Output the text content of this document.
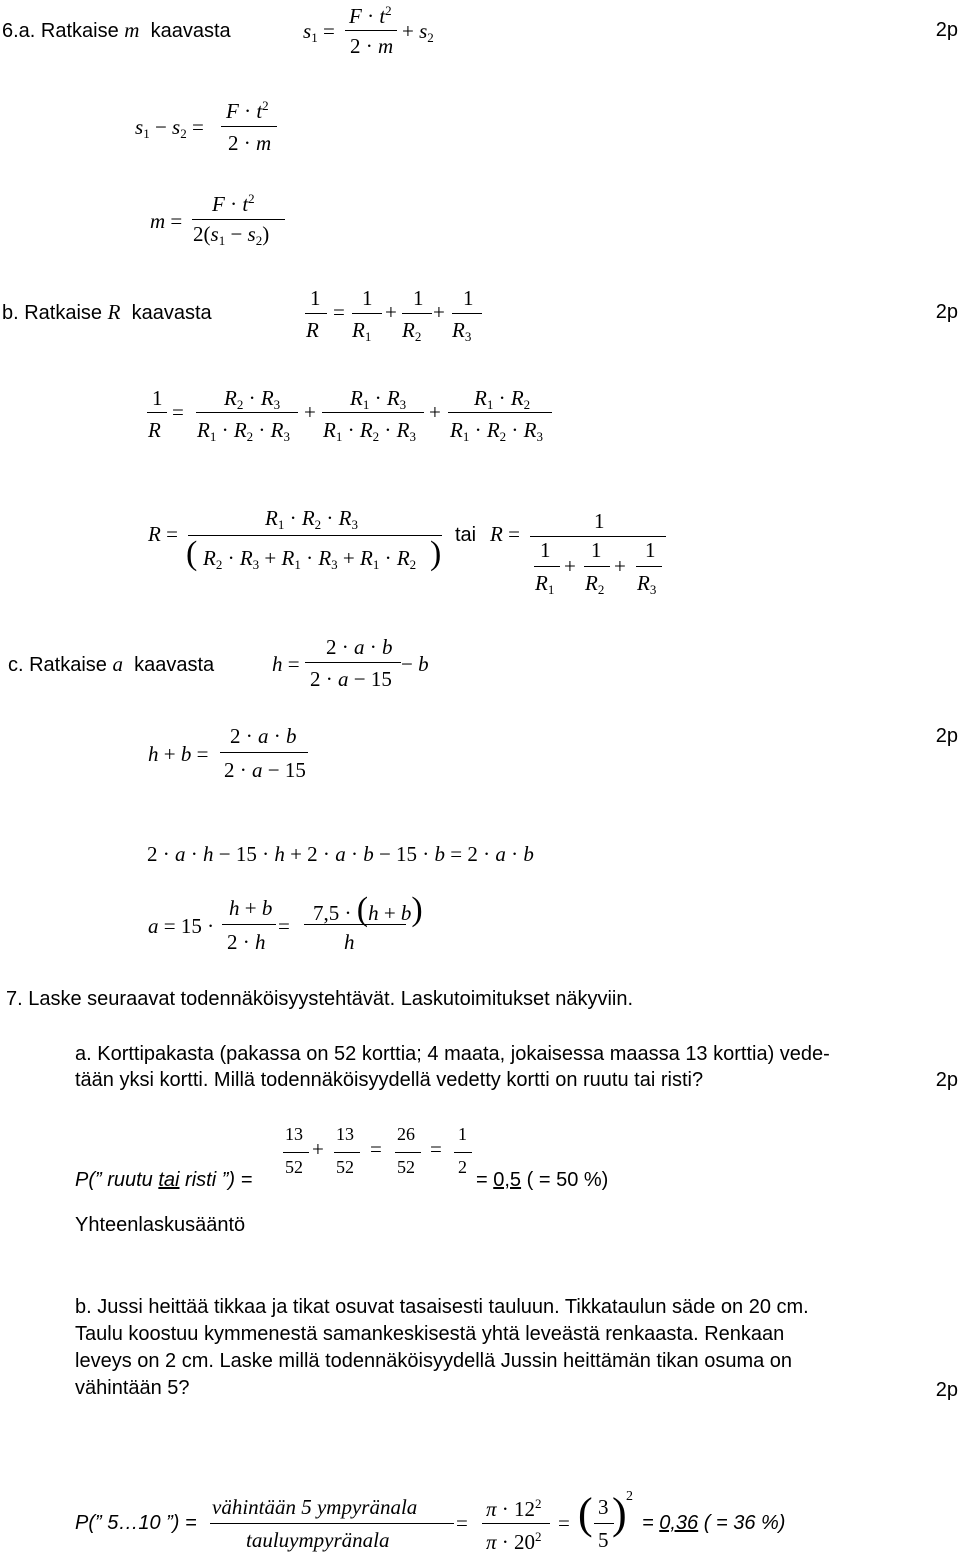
6.a. Ratkaise m kaavasta	s1 =
$F \cdot t^2$
2 · m
+ s2	2p
s1 − s2 =
$F \cdot t^2$
2 · m
m =
$F \cdot t^2$
2(s1 − s2)
b. Ratkaise R kaavasta
1
R
=
1
R1
+
1
R2
+
1
R3
2p
1
R
=
R2 · R3
R1 · R2 · R3
+
R1 · R3
R1 · R2 · R3
+
R1 · R2
R1 · R2 · R3
R =
R1 · R2 · R3
( R2 · R3 + R1 · R3 + R1 · R2 ) tai R =
1
1
R1
+
1
R2
+
1
R3
c. Ratkaise a kaavasta	h =
2 · a · b
2 · a − 15
− b
2p
h + b =
2 · a · b
2 · a − 15
2 · a · h − 15 · h + 2 · a · b − 15 · b = 2 · a · b
a = 15 ·
h + b
2 · h
=
7,5 · (h + b)
h
7. Laske seuraavat todennäköisyystehtävät. Laskutoimitukset näkyviin.
a. Korttipakasta (pakassa on 52 korttia; 4 maata, jokaisessa maassa 13 korttia) vede-
tään yksi kortti. Millä todennäköisyydellä vedetty kortti on ruutu tai risti?	2p
P(” ruutu tai risti ”) =
13
52
+
13
52
=
26
52
=
1
2
= 0,5 ( = 50 %)
Yhteenlaskusääntö
b. Jussi heittää tikkaa ja tikat osuvat tasaisesti tauluun. Tikkataulun säde on 20 cm.
Taulu koostuu kymmenestä samankeskisestä yhtä leveästä renkaasta. Renkaan
leveys on 2 cm. Laske millä todennäköisyydellä Jussin heittämän tikan osuma on
vähintään 5?	2p
P(” 5…10 ”) =
vähintään 5 ympyränala
tauluympyränala
=
$\pi \cdot 12^2$
$\pi \cdot 20^2$
= ( 3
5
) 2
= 0,36 ( = 36 %)
